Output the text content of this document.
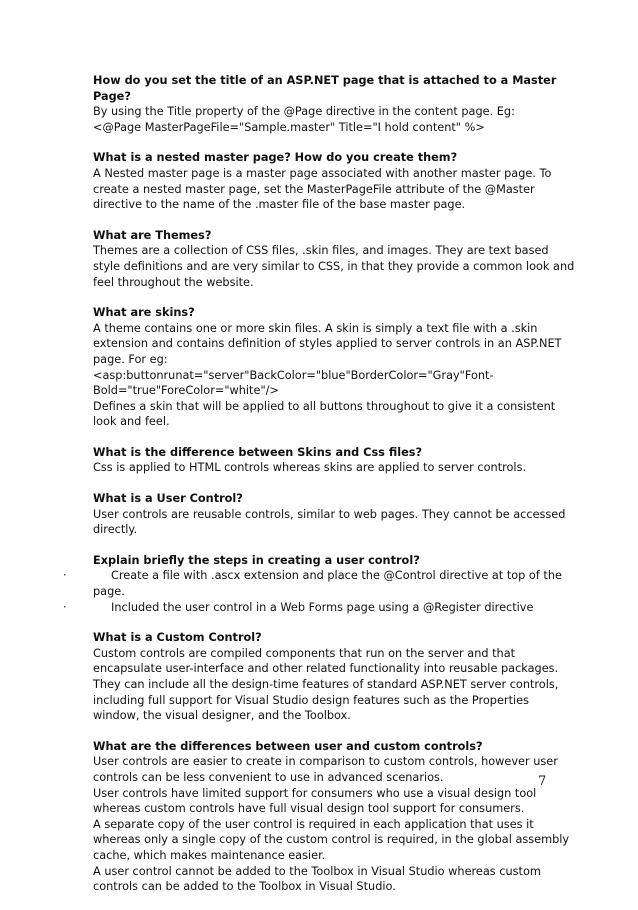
How do you set the title of an ASP.NET page that is attached to a Master
Page?
By using the Title property of the @Page directive in the content page. Eg:
<@Page MasterPageFile="Sample.master" Title="I hold content" %>
What is a nested master page? How do you create them?
A Nested master page is a master page associated with another master page. To
create a nested master page, set the MasterPageFile attribute of the @Master
directive to the name of the .master file of the base master page.
What are Themes?
Themes are a collection of CSS files, .skin files, and images. They are text based
style definitions and are very similar to CSS, in that they provide a common look and
feel throughout the website.
What are skins?
A theme contains one or more skin files. A skin is simply a text file with a .skin
extension and contains definition of styles applied to server controls in an ASP.NET
page. For eg:
<asp:buttonrunat="server"BackColor="blue"BorderColor="Gray"Font-
Bold="true"ForeColor="white"/>
Defines a skin that will be applied to all buttons throughout to give it a consistent
look and feel.
What is the difference between Skins and Css files?
Css is applied to HTML controls whereas skins are applied to server controls.
What is a User Control?
User controls are reusable controls, similar to web pages. They cannot be accessed
directly.
Explain briefly the steps in creating a user control?
·	Create a file with .ascx extension and place the @Control directive at top of the
page.
·	Included the user control in a Web Forms page using a @Register directive
What is a Custom Control?
Custom controls are compiled components that run on the server and that
encapsulate user-interface and other related functionality into reusable packages.
They can include all the design-time features of standard ASP.NET server controls,
including full support for Visual Studio design features such as the Properties
window, the visual designer, and the Toolbox.
What are the differences between user and custom controls?
User controls are easier to create in comparison to custom controls, however user
controls can be less convenient to use in advanced scenarios.
User controls have limited support for consumers who use a visual design tool
whereas custom controls have full visual design tool support for consumers.
A separate copy of the user control is required in each application that uses it
whereas only a single copy of the custom control is required, in the global assembly
cache, which makes maintenance easier.
A user control cannot be added to the Toolbox in Visual Studio whereas custom
controls can be added to the Toolbox in Visual Studio.
7
